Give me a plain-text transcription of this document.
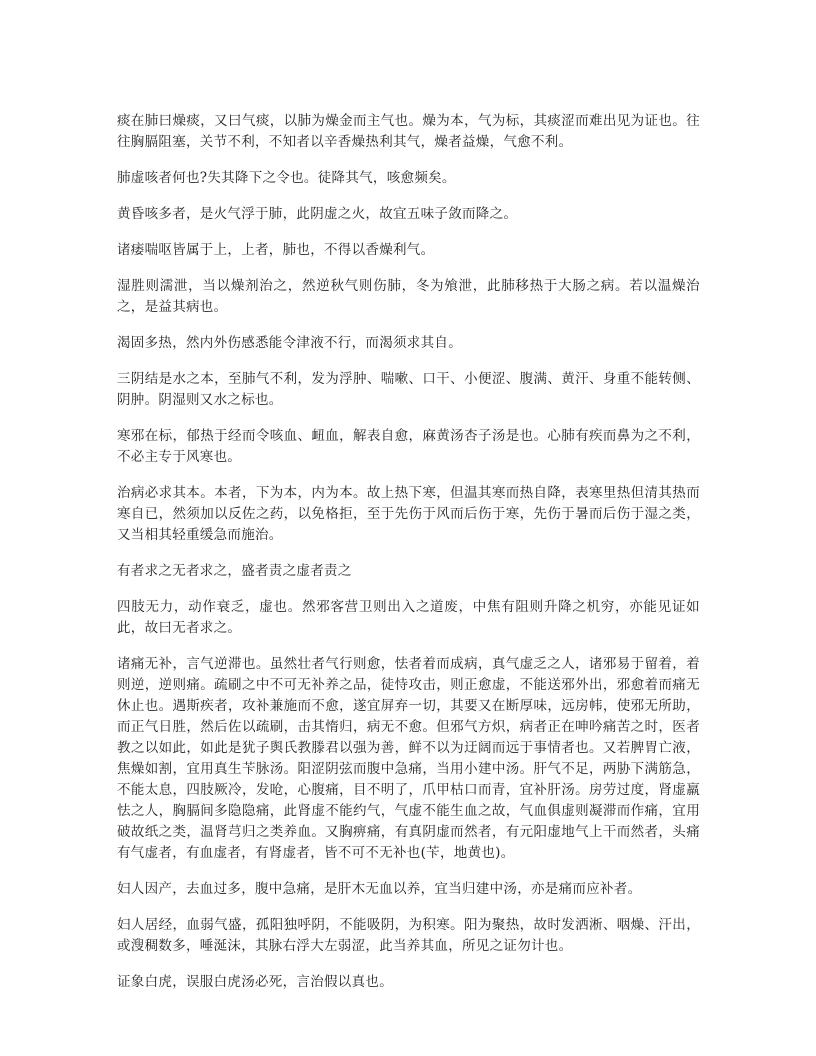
痰在肺曰燥痰，又曰气痰，以肺为燥金而主气也。燥为本，气为标，其痰涩而难出见为证也。往往胸膈阻塞，关节不利，不知者以辛香燥热利其气，燥者益燥，气愈不利。

肺虚咳者何也?失其降下之令也。徒降其气，咳愈频矣。

黄昏咳多者，是火气浮于肺，此阴虚之火，故宜五味子敛而降之。

诸痿喘呕皆属于上，上者，肺也，不得以香燥利气。

湿胜则濡泄，当以燥剂治之，然逆秋气则伤肺，冬为飧泄，此肺移热于大肠之病。若以温燥治之，是益其病也。

渴固多热，然内外伤感悉能令津液不行，而渴须求其自。

三阴结是水之本，至肺气不利，发为浮肿、喘嗽、口干、小便涩、腹满、黄汗、身重不能转侧、阴肿。阴湿则又水之标也。

寒邪在标，郁热于经而令咳血、衄血，解表自愈，麻黄汤杏子汤是也。心肺有疾而鼻为之不利，不必主专于风寒也。

治病必求其本。本者，下为本，内为本。故上热下寒，但温其寒而热自降，表寒里热但清其热而寒自已，然须加以反佐之药，以免格拒，至于先伤于风而后伤于寒，先伤于暑而后伤于湿之类，又当相其轻重缓急而施治。

有者求之无者求之，盛者责之虚者责之

四肢无力，动作衰乏，虚也。然邪客营卫则出入之道废，中焦有阻则升降之机穷，亦能见证如此，故曰无者求之。

诸痛无补，言气逆滞也。虽然壮者气行则愈，怯者着而成病，真气虚乏之人，诸邪易于留着，着则逆，逆则痛。疏刷之中不可无补养之品，徒恃攻击，则正愈虚，不能送邪外出，邪愈着而痛无休止也。遇斯疾者，攻补兼施而不愈，遂宜屏弃一切，其要又在断厚味，远房帏，使邪无所助，而正气日胜，然后佐以疏刷，击其惰归，病无不愈。但邪气方炽，病者正在呻吟痛苦之时，医者教之以如此，如此是犹子舆氏教滕君以强为善，鲜不以为迂阔而远于事情者也。又若脾胃亡液，焦燥如割，宜用真生苄脉汤。阳涩阴弦而腹中急痛，当用小建中汤。肝气不足，两胁下满筋急，不能太息，四肢厥冷，发呛，心腹痛，目不明了，爪甲枯口而青，宜补肝汤。房劳过度，肾虚羸怯之人，胸膈间多隐隐痛，此肾虚不能约气，气虚不能生血之故，气血俱虚则凝滞而作痛，宜用破故纸之类，温肾芎归之类养血。又胸痹痛，有真阴虚而然者，有元阳虚地气上干而然者，头痛有气虚者，有血虚者，有肾虚者，皆不可不无补也(苄，地黄也)。

妇人因产，去血过多，腹中急痛，是肝木无血以养，宜当归建中汤，亦是痛而应补者。

妇人居经，血弱气盛，孤阳独呼阴，不能吸阴，为积寒。阳为聚热，故时发洒淅、咽燥、汗出，或溲稠数多，唾涎沫，其脉右浮大左弱涩，此当养其血，所见之证勿计也。

证象白虎，误服白虎汤必死，言治假以真也。
